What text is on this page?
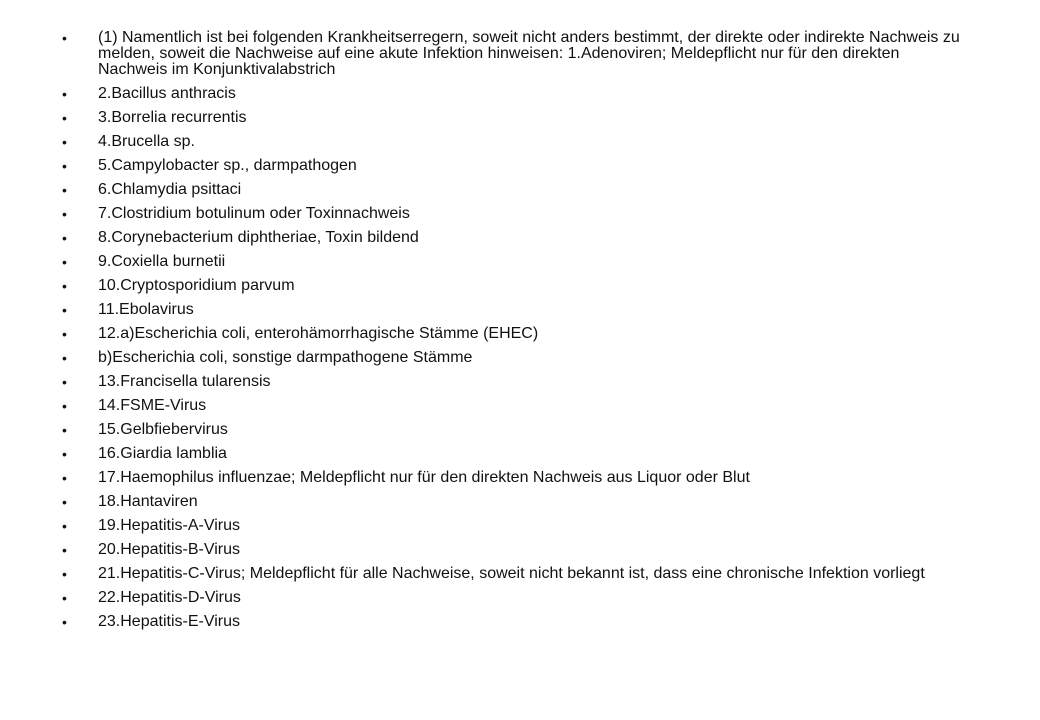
•	(1) Namentlich ist bei folgenden Krankheitserregern, soweit nicht anders bestimmt, der direkte oder indirekte Nachweis zu melden, soweit die Nachweise auf eine akute Infektion hinweisen: 1.Adenoviren; Meldepflicht nur für den direkten Nachweis im Konjunktivalabstrich
•	2.Bacillus anthracis
•	3.Borrelia recurrentis
•	4.Brucella sp.
•	5.Campylobacter sp., darmpathogen
•	6.Chlamydia psittaci
•	7.Clostridium botulinum oder Toxinnachweis
•	8.Corynebacterium diphtheriae, Toxin bildend
•	9.Coxiella burnetii
•	10.Cryptosporidium parvum
•	11.Ebolavirus
•	12.a)Escherichia coli, enterohämorrhagische Stämme (EHEC)
•	b)Escherichia coli, sonstige darmpathogene Stämme
•	13.Francisella tularensis
•	14.FSME-Virus
•	15.Gelbfiebervirus
•	16.Giardia lamblia
•	17.Haemophilus influenzae; Meldepflicht nur für den direkten Nachweis aus Liquor oder Blut
•	18.Hantaviren
•	19.Hepatitis-A-Virus
•	20.Hepatitis-B-Virus
•	21.Hepatitis-C-Virus; Meldepflicht für alle Nachweise, soweit nicht bekannt ist, dass eine chronische Infektion vorliegt
•	22.Hepatitis-D-Virus
•	23.Hepatitis-E-Virus
